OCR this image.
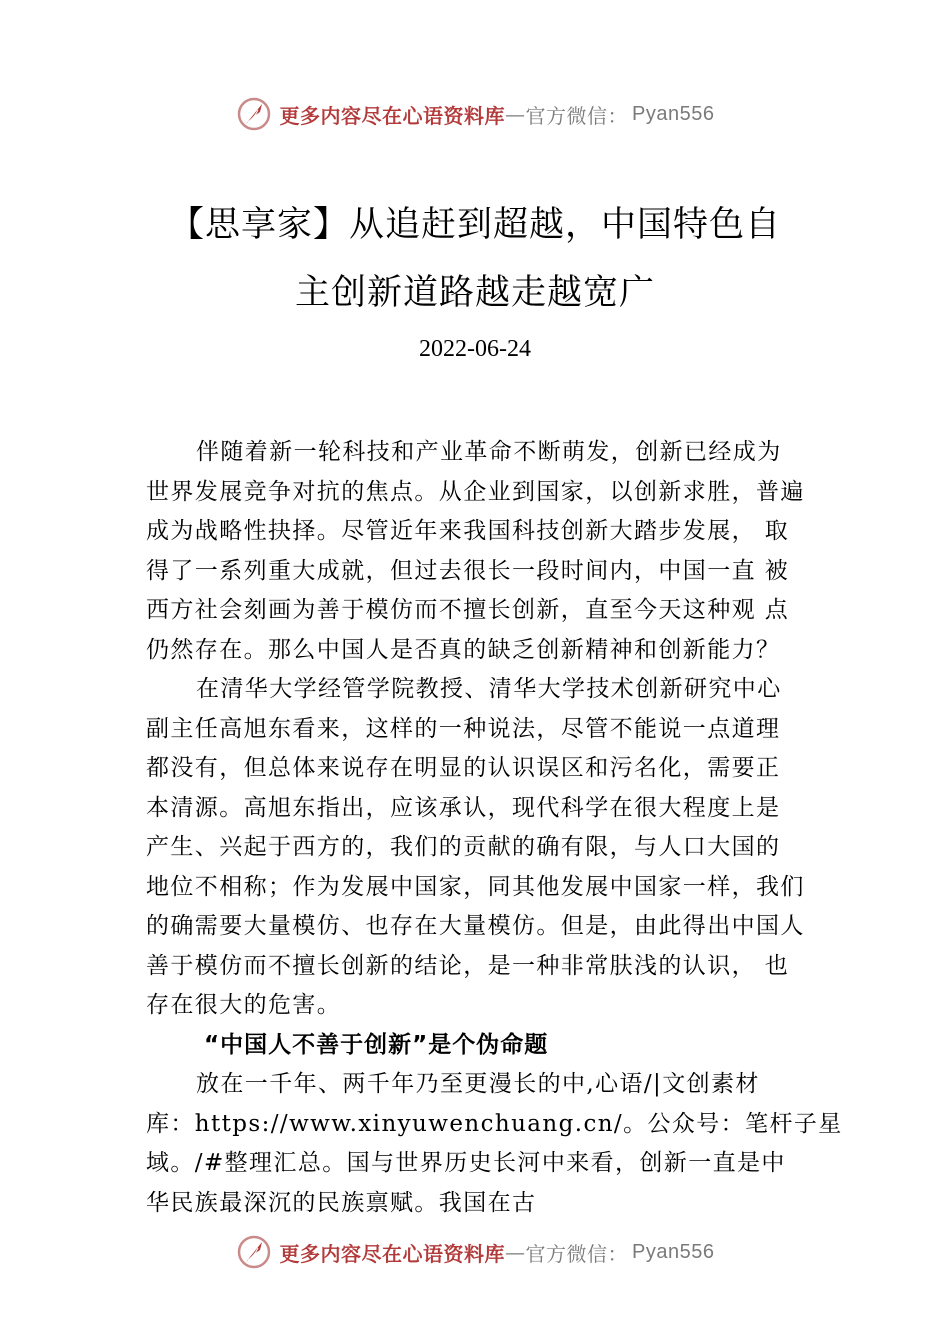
更多内容尽在心语资料库 — 官方微信： Pyan556
【思享家】从追赶到超越，中国特色自
主创新道路越走越宽广
2022-06-24
伴随着新一轮科技和产业革命不断萌发，创新已经成为
世界发展竞争对抗的焦点。从企业到国家，以创新求胜，普遍
成为战略性抉择。尽管近年来我国科技创新大踏步发展， 取
得了一系列重大成就，但过去很长一段时间内，中国一直 被
西方社会刻画为善于模仿而不擅长创新，直至今天这种观 点
仍然存在。那么中国人是否真的缺乏创新精神和创新能力？
在清华大学经管学院教授、清华大学技术创新研究中心
副主任高旭东看来，这样的一种说法，尽管不能说一点道理
都没有，但总体来说存在明显的认识误区和污名化，需要正
本清源。高旭东指出，应该承认，现代科学在很大程度上是
产生、兴起于西方的，我们的贡献的确有限，与人口大国的
地位不相称；作为发展中国家，同其他发展中国家一样，我们
的确需要大量模仿、也存在大量模仿。但是，由此得出中国人
善于模仿而不擅长创新的结论，是一种非常肤浅的认识， 也
存在很大的危害。
“中国人不善于创新”是个伪命题
放在一千年、两千年乃至更漫长的中,心语/|文创素材
库：https://www.xinyuwenchuang.cn/。公众号：笔杆子星
域。/#整理汇总。国与世界历史长河中来看，创新一直是中
华民族最深沉的民族禀赋。我国在古
更多内容尽在心语资料库 — 官方微信： Pyan556
